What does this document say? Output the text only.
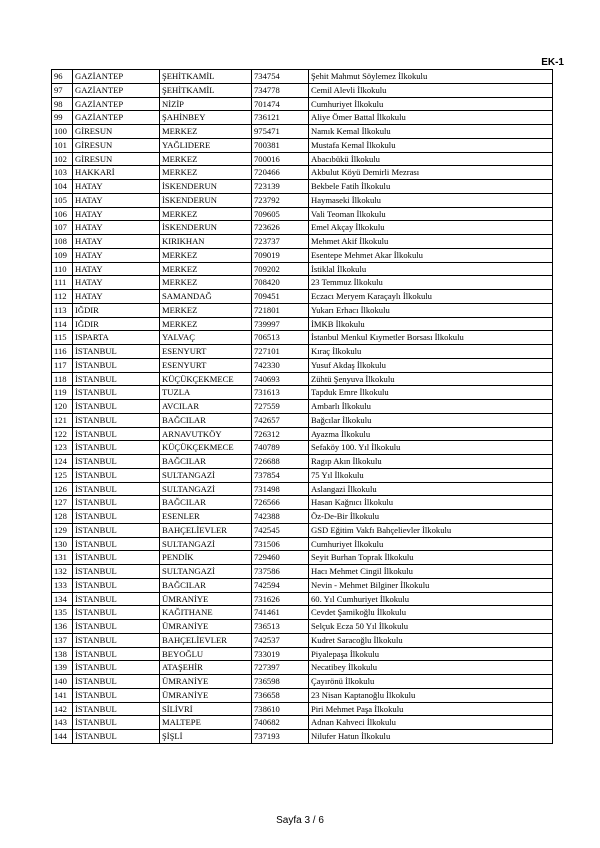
EK-1
96	GAZİANTEP	ŞEHİTKAMİL	734754	Şehit Mahmut Söylemez İlkokulu
97	GAZİANTEP	ŞEHİTKAMİL	734778	Cemil Alevli İlkokulu
98	GAZİANTEP	NİZİP	701474	Cumhuriyet İlkokulu
99	GAZİANTEP	ŞAHİNBEY	736121	Aliye Ömer Battal İlkokulu
100	GİRESUN	MERKEZ	975471	Namık Kemal İlkokulu
101	GİRESUN	YAĞLIDERE	700381	Mustafa Kemal İlkokulu
102	GİRESUN	MERKEZ	700016	Abacıbükü İlkokulu
103	HAKKARİ	MERKEZ	720466	Akbulut Köyü Demirli Mezrası
104	HATAY	İSKENDERUN	723139	Bekbele Fatih İlkokulu
105	HATAY	İSKENDERUN	723792	Haymaseki İlkokulu
106	HATAY	MERKEZ	709605	Vali Teoman İlkokulu
107	HATAY	İSKENDERUN	723626	Emel Akçay İlkokulu
108	HATAY	KIRIKHAN	723737	Mehmet Akif İlkokulu
109	HATAY	MERKEZ	709019	Esentepe Mehmet Akar İlkokulu
110	HATAY	MERKEZ	709202	İstiklal İlkokulu
111	HATAY	MERKEZ	708420	23 Temmuz İlkokulu
112	HATAY	SAMANDAĞ	709451	Eczacı Meryem Karaçaylı İlkokulu
113	IĞDIR	MERKEZ	721801	Yukarı Erhacı İlkokulu
114	IĞDIR	MERKEZ	739997	İMKB İlkokulu
115	ISPARTA	YALVAÇ	706513	İstanbul Menkul Kıymetler Borsası İlkokulu
116	İSTANBUL	ESENYURT	727101	Kıraç İlkokulu
117	İSTANBUL	ESENYURT	742330	Yusuf Akdaş İlkokulu
118	İSTANBUL	KÜÇÜKÇEKMECE	740693	Zühtü Şenyuva İlkokulu
119	İSTANBUL	TUZLA	731613	Tapduk Emre İlkokulu
120	İSTANBUL	AVCILAR	727559	Ambarlı İlkokulu
121	İSTANBUL	BAĞCILAR	742657	Bağcılar İlkokulu
122	İSTANBUL	ARNAVUTKÖY	726312	Ayazma İlkokulu
123	İSTANBUL	KÜÇÜKÇEKMECE	740789	Sefaköy 100. Yıl İlkokulu
124	İSTANBUL	BAĞCILAR	726688	Ragıp Akın İlkokulu
125	İSTANBUL	SULTANGAZİ	737854	75 Yıl İlkokulu
126	İSTANBUL	SULTANGAZİ	731498	Aslangazi İlkokulu
127	İSTANBUL	BAĞCILAR	726566	Hasan Kağnıcı İlkokulu
128	İSTANBUL	ESENLER	742388	Öz-De-Bir İlkokulu
129	İSTANBUL	BAHÇELİEVLER	742545	GSD Eğitim Vakfı Bahçelievler İlkokulu
130	İSTANBUL	SULTANGAZİ	731506	Cumhuriyet İlkokulu
131	İSTANBUL	PENDİK	729460	Seyit Burhan Toprak İlkokulu
132	İSTANBUL	SULTANGAZİ	737586	Hacı Mehmet Cingil İlkokulu
133	İSTANBUL	BAĞCILAR	742594	Nevin - Mehmet Bilginer İlkokulu
134	İSTANBUL	ÜMRANİYE	731626	60. Yıl Cumhuriyet İlkokulu
135	İSTANBUL	KAĞITHANE	741461	Cevdet Şamikoğlu İlkokulu
136	İSTANBUL	ÜMRANİYE	736513	Selçuk Ecza 50 Yıl İlkokulu
137	İSTANBUL	BAHÇELİEVLER	742537	Kudret Saracoğlu İlkokulu
138	İSTANBUL	BEYOĞLU	733019	Piyalepaşa İlkokulu
139	İSTANBUL	ATAŞEHİR	727397	Necatibey İlkokulu
140	İSTANBUL	ÜMRANİYE	736598	Çayırönü İlkokulu
141	İSTANBUL	ÜMRANİYE	736658	23 Nisan Kaptanoğlu İlkokulu
142	İSTANBUL	SİLİVRİ	738610	Piri Mehmet Paşa İlkokulu
143	İSTANBUL	MALTEPE	740682	Adnan Kahveci İlkokulu
144	İSTANBUL	ŞİŞLİ	737193	Nilufer Hatun İlkokulu
Sayfa 3 / 6
